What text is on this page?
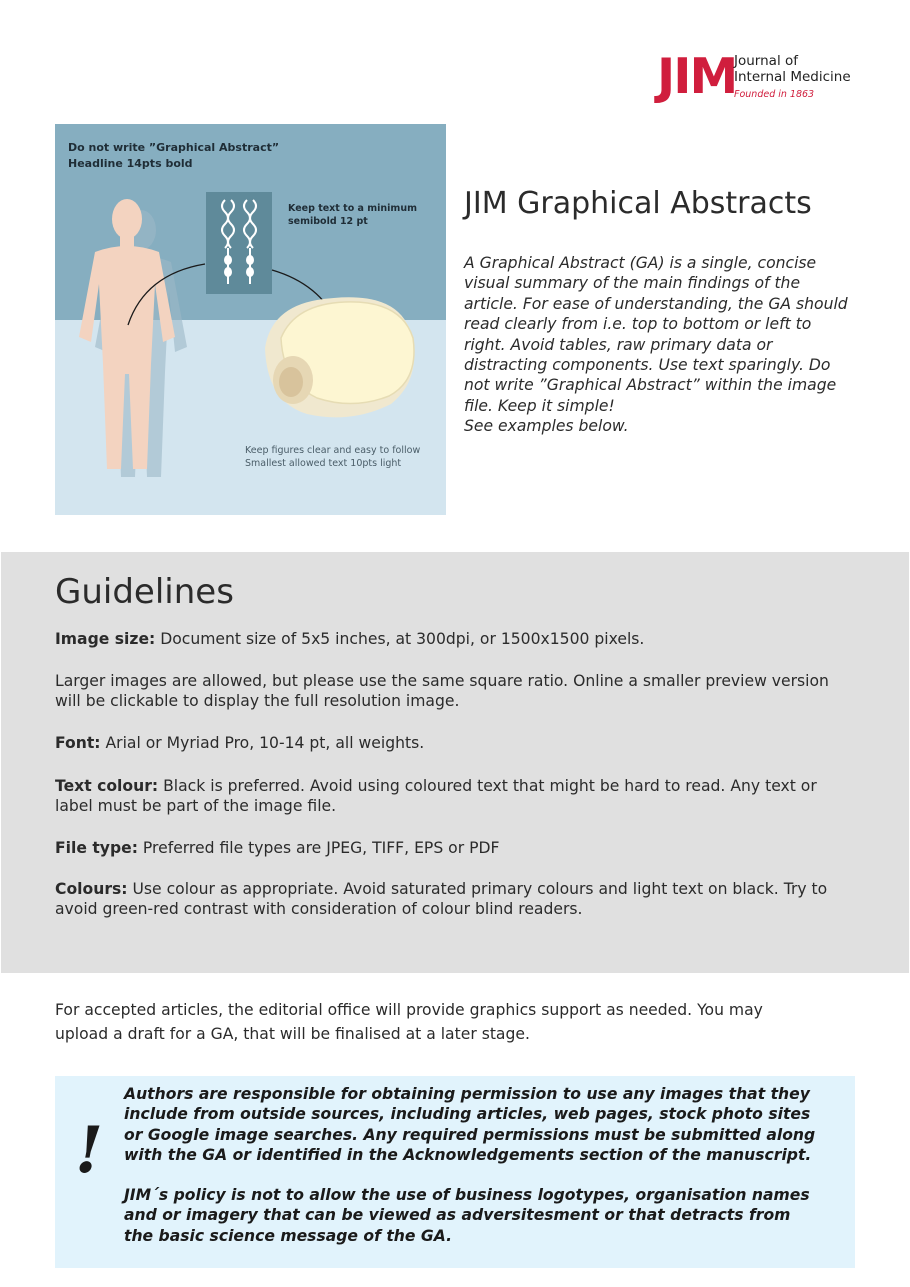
JIM
Journal of
Internal Medicine
Founded in 1863
Do not write ”Graphical Abstract”
Headline 14pts bold
Keep text to a minimum
semibold 12 pt
Keep figures clear and easy to follow
Smallest allowed text 10pts light
JIM Graphical Abstracts

A Graphical Abstract (GA) is a single, concise visual summary of the main findings of the article. For ease of understanding, the GA should read clearly from i.e. top to bottom or left to right. Avoid tables, raw primary data or distracting components. Use text sparingly. Do not write ”Graphical Abstract” within the image file. Keep it simple!

See examples below.

Guidelines

Image size: Document size of 5x5 inches, at 300dpi, or 1500x1500 pixels.

Larger images are allowed, but please use the same square ratio. Online a smaller preview version will be clickable to display the full resolution image.

Font: Arial or Myriad Pro, 10-14 pt, all weights.

Text colour: Black is preferred. Avoid using coloured text that might be hard to read. Any text or label must be part of the image file.

File type: Preferred file types are JPEG, TIFF, EPS or PDF

Colours: Use colour as appropriate. Avoid saturated primary colours and light text on black. Try to avoid green-red contrast with consideration of colour blind readers.

For accepted articles, the editorial office will provide graphics support as needed. You may upload a draft for a GA, that will be finalised at a later stage.

!

Authors are responsible for obtaining permission to use any images that they include from outside sources, including articles, web pages, stock photo sites or Google image searches. Any required permissions must be submitted along with the GA or identified in the Acknowledgements section of the manuscript.

JIM´s policy is not to allow the use of business logotypes, organisation names and or imagery that can be viewed as adversitesment or that detracts from the basic science message of the GA.
